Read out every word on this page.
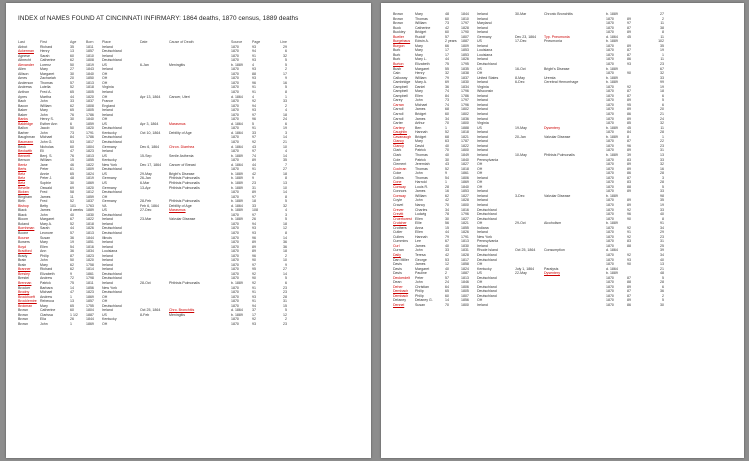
INDEX of NAMES FOUND AT CINCINNATI INFIRMARY: 1864 deaths, 1870 census, 1889 deaths
Last	First	Age	Born	Place	Date	Cause of Death	Source	Page	Line
Abbot	Richard	35	1811	Ireland			1870	93	29
Ackerman	Henry	13	1857	Deutschland			1870	94	6
Agnese	Sarah	60	1810	Ireland			1870	91	32
Albrecht	Catherine	62	1808	Deutschland			1870	93	5
Alexander	Lorenz	50	1819	US	6-Jan	Meningitis	b. 1889	4	5
Allen	Mary	27	1843	Ireland			1870	93	2
Allison	Margaret	30	1840	OH			1870	88	17
Ames	Zachariah	20	1850	OH			1870	93	9
Anderson	Thomas	57	1813	OH			1870	96	16
Andrews	Lutelia	52	1818	Virginia			1870	91	5
Anthon	Fred A.	65	1805	Ireland			1870	91	8
Ayres	Martha	44	1820	OH	Apr 13, 1864	Cancer, Uteri	d. 1864	4	1
Bach	John	33	1837	France			1870	92	33
Bacon	William	62	1808	England			1870	94	2
Baker	Mary	65	1805	Ireland			1870	93	4
Baker	John	76	1786	Ireland			1870	97	18
Banks	Henry S.	30	1840	OH			1870	96	24
Baldridge	Esther Ann	6	1859	US	Apr 3, 1864	Marasmus	d. 1864	5	6
Ballon	Jacob	50	1820	Deutschland			1870	91	19
Barber	John	73	1791	Kentucky	Oct 10, 1864	Debility of Age	d. 1864	33	3
Baughman	Michael	84	1786	Deutschland			1870	97	14
Baumann	John G.	53	1817	Deutschland			1870	92	21
Beck	Nicholas	60	1804	Germany	Dec 6, 1864	Chron. Diarrhea	d. 1864	43	10
Beckwith	Eli	47	1823	Ireland			1870	97	4
Bennett	Benj. S.	76	1813	US	15-Sep	Senile Asthenia	b. 1889	74	14
Benson	William	15	1855	Kentucky			1870	89	35
Bentz	Jane	46	1822	New York	Dec 17, 1864	Cancer of Breast	d. 1864	44	7
Berts	Peter	61	1809	Deutschland			1870	91	27
Betz	Annie	65	1824	US	29-May	Bright's Disease	b. 1889	42	18
Betz	Peter J.	48	1819	Germany	26-Jan	Phthisis Pulmonalis	b. 1889	9	8
Betz	Sophie	30	1869	US	6-Mar	Phthisis Pulmonalis	b. 1889	23	13
Bevelle	Oswald	69	1820	Germany	13-Apr	Phthisis Pulmonalis	b. 1889	31	10
Bicken	Fred	58	1812	Deutschland			1870	89	14
Bingham	James	11	1859	OH			1870	97	8
Birth	Fred	52	1837	Germany	28-Feb	Phthisis Pulmonalis	b. 1889	18	5
Bishop	Betty	101	1763	VA	Feb 6, 1864	Debility of Age	d. 1864	33	32
Black	James	8 weeks	1889	US	27-Dec	Marasmus	b. 1889	108	4
Black	John	40	1830	Deutschland			1870	97	3
Bloom	Margaret	67	1822	Ireland	23-Mar	Valvular Disease	b. 1889	26	5
Boland	Mary A.	52	1818	Ireland			1870	94	18
Bornhman	Sarah	44	1826	Deutschland			1870	93	12
Boone	Leonore	57	1813	Deutschland			1870	93	8
Bourse	Susan	36	1844	Illinois			1870	96	14
Bowers	Mary	19	1851	Ireland			1870	89	36
Boyd	Ellen	54	1816	Ireland			1870	89	36
Bradford	Ann	36	1834	Louisiana			1870	89	18
Brady	Philip	87	1823	Ireland			1870	96	2
Brain	John	50	1820	Ireland			1870	90	10
Brain	Mary	62	1758	Ireland			1870	97	9
Branner	Richard	62	1814	Ireland			1870	95	27
Bresley	Elizabeth	9	1861	Deutschland			1870	92	14
Brestel	Andrew	72	1798	Deutschland			1870	90	5
Brennan	Patrick	75	1811	Ireland	28-Oct	Phthisis Pulmonalis	b. 1889	92	6
Brocker	Barbara	14	1856	New York			1870	91	23
Brodny	Michael	47	1823	Deutschland			1870	91	23
Brockhoeft	Andrew	1	1869	OH			1870	93	28
Brocklemire	Rebecca	13	1857	OH			1870	91	31
Brokman	Mary	65	1755	Deutschland			1870	94	15
Brown	Catherine	60	1804	Ireland	Oct 25, 1864	Chro. Bronchitis	d. 1864	37	5
Brown	Clarissa	1 1/2	1887	US	8-Feb	Meningitis	b. 1889	17	12
Brown	Ella	26	1844	Kentucky			1870	92	2
Brown	John	1	1869	OH			1870	93	23
Brown	Mary	48	1844	Ireland	30-Mar	Chronic Bronchitis	b. 1889		27
Brown	Thomas	60	1810	Ireland			1870	89	2
Brown	William	73	1797	Maryland			1870	97	11
Buck	Catherine	42	1828	Ireland			1870	87	38
Buckley	Bridget	60	1790	Ireland			1870	89	8
Buelier	Rudolf	57	1807	Germany	Dec 23, 1864	Typ. Pneumonia	d. 1864	45	11
Burgebaus	Edwin A.	2 years	1887	US	17-Dec	Pneumonia	b. 1889		102
Burgon	Mary	66	1809	Ireland			1870	89	35
Burk	Mary	17	1853	Louisiana			1870	87	19
Burk	Mary	17	1853	Louisiana			1870	87	1
Burk	Mary L.	44	1826	Ireland			1870	86	11
Burton	Elizabeth	75	1795	Deutschland			1870	93	23
Bush	Margaret	55	1835	US	16-Oct	Bright's Disease	b. 1889		67
Cain	Henry	32	1838	OH			1870	90	32
Calloway	William	79	1837	United States	8-May	Uremia	b. 1889		33
Cambridge	Mary A.	69	1830	Ireland	6-Dec	Cerebral Hemorrhage	b. 1889		99
Campbell	Daniel	36	1834	Virginia			1870	92	19
Campbell	Mary	74	1796	Wisconsin			1870	87	18
Campbell	Ellen	84	1786	Ireland			1870	87	6
Carey	John	73	1797	Ireland			1870	89	5
Carran	Michael	74	1796	Ireland			1870	95	6
Carroll	James	68	1802	Ireland			1870	89	20
Carroll	Bridget	60	1802	Ireland			1870	86	21
Carroll	James	34	1836	Ireland			1870	89	24
Carter	Arthur	70	1800	Virginia			1870	85	32
Cartery	Ben	1	1888	US	19-May	Dysentery	b. 1889	45	11
Caughlin	Hannah	52	1818	Ireland			1870	84	28
Cavanaugh	Bridget	68	1821	Ireland	20-Jan	Valvular Disease	b. 1889	8	1
Clancy	Mary	63	1787	Ireland			1870	87	22
Clancy	David	40	1822	Ireland			1870	96	23
Clark	Patrick	70	1800	Ireland			1870	89	31
Clark	Thomas	40	1849	Ireland	10-May	Phthisis Pulmonalis	b. 1889	39	13
Cole	Patrick	30	1840	Pennsylvania			1870	83	33
Clement	Jeremiah	43	1827	OH			1870	89	32
Cochran	Thomas	52	1818	OH			1870	89	16
Coke	John	9	1861	OH			1870	86	28
Collins	Thomas	54	1806	Ireland			1870	87	3
Cone	Harrold	1	1869	OH			1870	83	28
Conway	Louis R.	28	1840	OH			1870	88	5
Connors	James	16	1853	Ireland			1870	89	33
Conway	William	62	1827	Ireland	3-Dec	Valvular Disease	b. 1889		98
Coyle	John	42	1828	Ireland			1870	89	35
Cravel	Nancy	70	1800	Ireland			1870	89	19
Crever	Charles	34	1816	Deutschland			1870	92	33
Crevitt	Ludwig	78	1796	Deutschland			1870	96	40
Cruerhorest	Ellen	30	1827	Deutschland			1870	90	8
Crutcher	Ellie	56	1821	OH	29-Oct	Alcoholism	b. 1889		91
Crothers	Anna	15	1855	Indiana			1870	92	34
Cutler	Ellen	44	1826	Ireland			1870	91	29
Cullers	Hannah	79	1791	New York			1870	92	23
Cummins	Lee	67	1813	Pennsylvania			1870	83	31
Curl	James	40	1830	Ireland			1870	88	25
Curran	John	33	1831	Rhode Island	Oct 25, 1864	Consumption	d. 1864		39
Daily	Teresa	42	1828	Deutschland			1870	92	34
Dan Miller	George	53	1817	Deutschland			1870	93	40
Davis	James	12	1858	OH			1870	90	13
Davis	Margaret	40	1824	Kentucky	July 1, 1864	Paralysis	d. 1864		21
Davis	Pauline	2	1887	US	22-May	Dysentery	b. 1889		48
Deckerdelt	Peter	57	1813	Deutschland			1870	87	5
Dean	John	24	1846	OH			1870	88	28
Deher	Christian	64	1806	Deutschland			1870	89	6
Dembach	Philip	65	1805	Deutschland			1870	87	36
Dembach	Philip	60	1807	Deutschland			1870	87	2
Delaney	Delaney G.	14	1856	OH			1870	89	5
Dennel	Susan	70	1800	Ireland			1870	86	30
